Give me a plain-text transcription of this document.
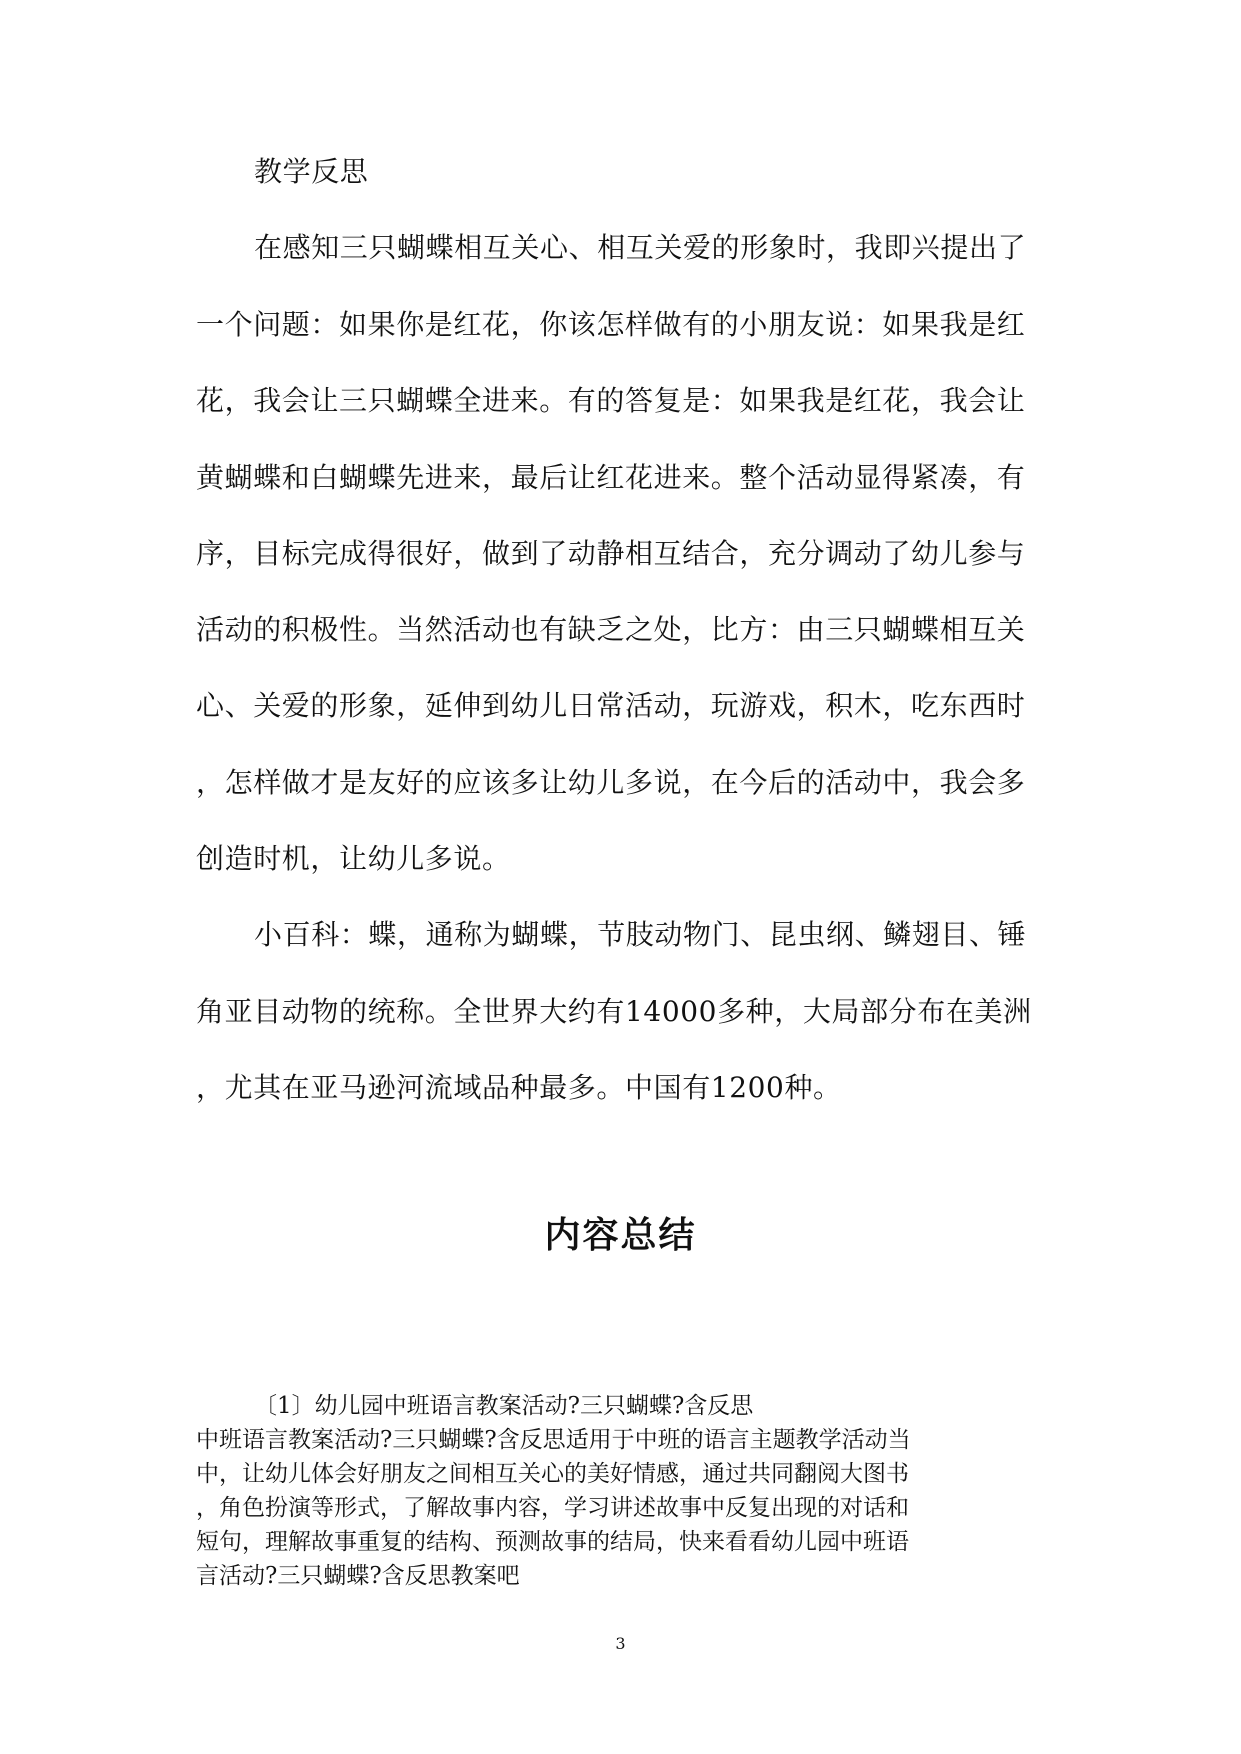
教学反思
在感知三只蝴蝶相互关心、相互关爱的形象时，我即兴提出了
一个问题：如果你是红花，你该怎样做有的小朋友说：如果我是红
花，我会让三只蝴蝶全进来。有的答复是：如果我是红花，我会让
黄蝴蝶和白蝴蝶先进来，最后让红花进来。整个活动显得紧凑，有
序，目标完成得很好，做到了动静相互结合，充分调动了幼儿参与
活动的积极性。当然活动也有缺乏之处，比方：由三只蝴蝶相互关
心、关爱的形象，延伸到幼儿日常活动，玩游戏，积木，吃东西时
，怎样做才是友好的应该多让幼儿多说，在今后的活动中，我会多
创造时机，让幼儿多说。
小百科：蝶，通称为蝴蝶，节肢动物门、昆虫纲、鳞翅目、锤
角亚目动物的统称。全世界大约有14000多种，大局部分布在美洲
，尤其在亚马逊河流域品种最多。中国有1200种。
内容总结
〔1〕幼儿园中班语言教案活动?三只蝴蝶?含反思
中班语言教案活动?三只蝴蝶?含反思适用于中班的语言主题教学活动当
中，让幼儿体会好朋友之间相互关心的美好情感，通过共同翻阅大图书
，角色扮演等形式，了解故事内容，学习讲述故事中反复出现的对话和
短句，理解故事重复的结构、预测故事的结局，快来看看幼儿园中班语
言活动?三只蝴蝶?含反思教案吧
3
